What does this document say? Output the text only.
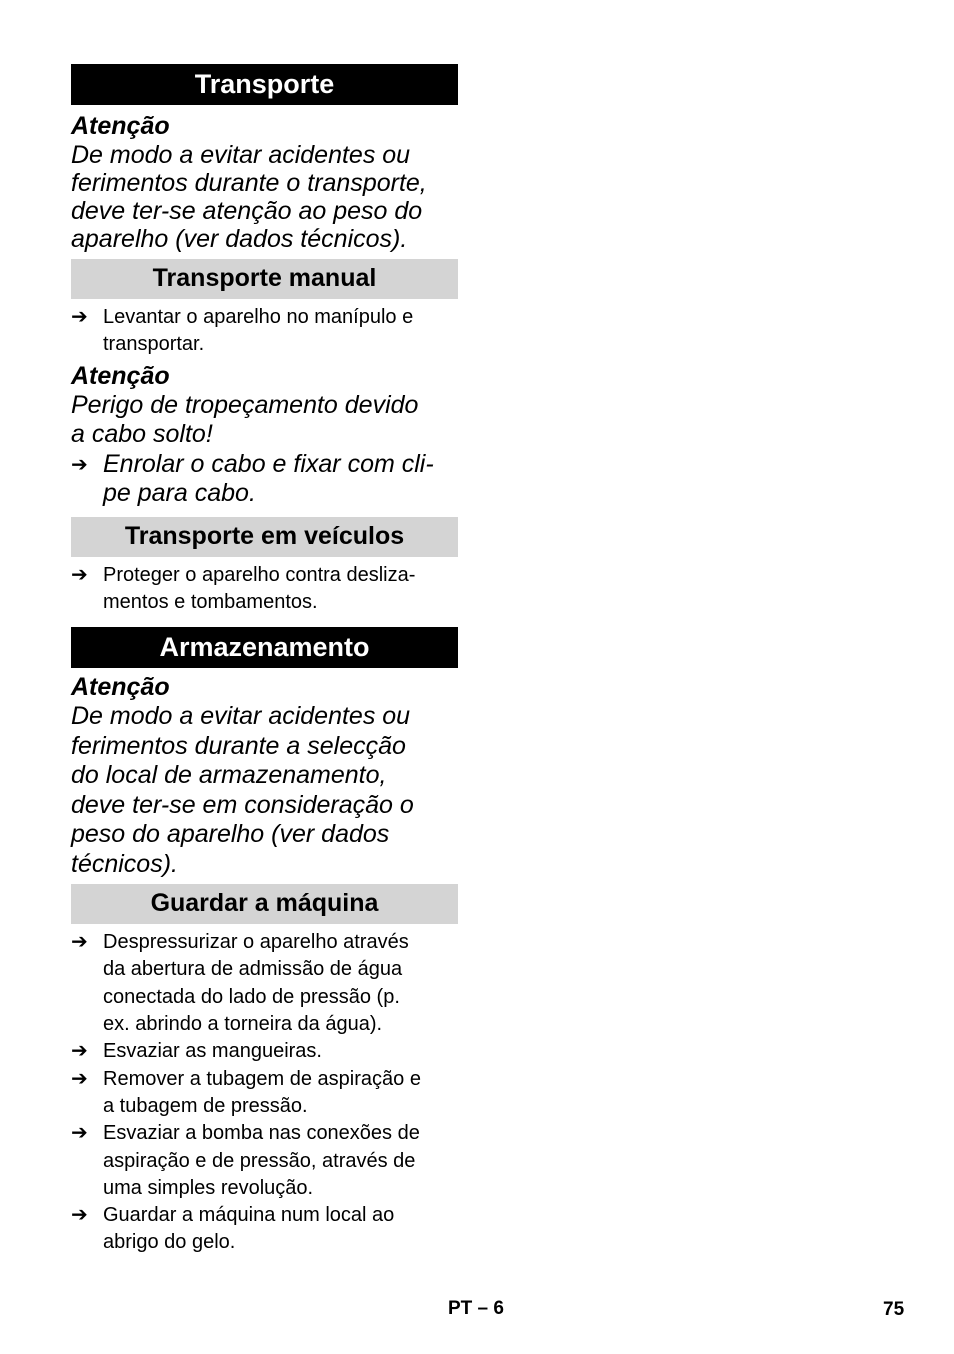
Transporte

Atenção

De modo a evitar acidentes ou
ferimentos durante o transporte,
deve ter-se atenção ao peso do
aparelho (ver dados técnicos).

Transporte manual
➔ Levantar o aparelho no manípulo e
transportar.

Atenção

Perigo de tropeçamento devido
a cabo solto!

➔ Enrolar o cabo e fixar com cli-
pe para cabo.
Transporte em veículos
➔ Proteger o aparelho contra desliza-
mentos e tombamentos.
Armazenamento

Atenção

De modo a evitar acidentes ou
ferimentos durante a selecção
do local de armazenamento,
deve ter-se em consideração o
peso do aparelho (ver dados
técnicos).

Guardar a máquina
➔ Despressurizar o aparelho através
da abertura de admissão de água
conectada do lado de pressão (p.
ex. abrindo a torneira da água).
➔ Esvaziar as mangueiras.
➔ Remover a tubagem de aspiração e
a tubagem de pressão.
➔ Esvaziar a bomba nas conexões de
aspiração e de pressão, através de
uma simples revolução.
➔ Guardar a máquina num local ao
abrigo do gelo.
PT – 6	75
